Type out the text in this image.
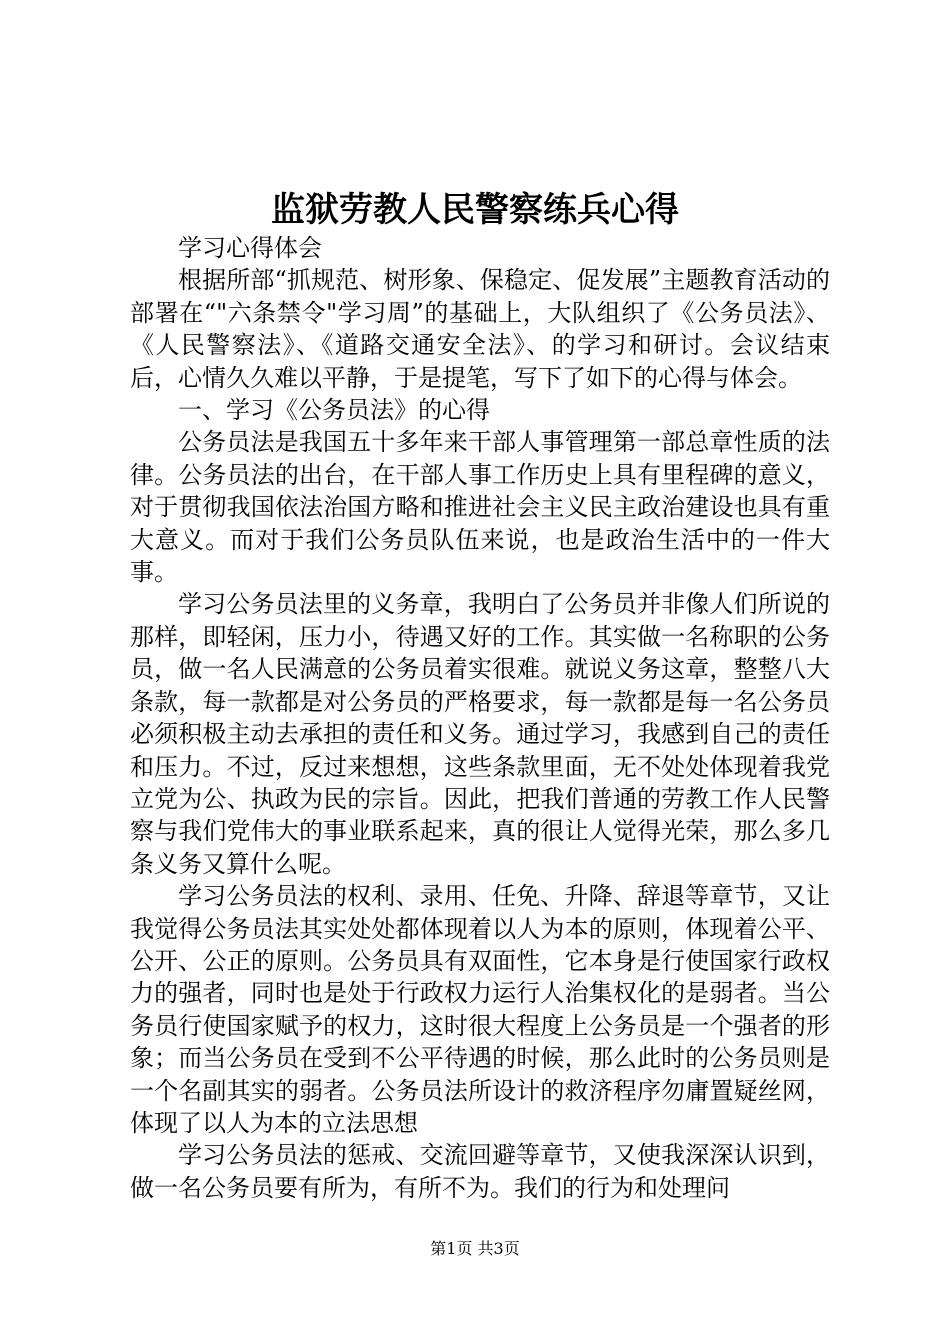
监狱劳教人民警察练兵心得

学习心得体会

根据所部“抓规范、树形象、保稳定、促发展”主题教育活动的部署在“"六条禁令"学习周”的基础上，大队组织了《公务员法》、《人民警察法》、《道路交通安全法》、的学习和研讨。会议结束后，心情久久难以平静，于是提笔，写下了如下的心得与体会。

一、学习《公务员法》的心得

公务员法是我国五十多年来干部人事管理第一部总章性质的法律。公务员法的出台，在干部人事工作历史上具有里程碑的意义，对于贯彻我国依法治国方略和推进社会主义民主政治建设也具有重大意义。而对于我们公务员队伍来说，也是政治生活中的一件大事。

学习公务员法里的义务章，我明白了公务员并非像人们所说的那样，即轻闲，压力小，待遇又好的工作。其实做一名称职的公务员，做一名人民满意的公务员着实很难。就说义务这章，整整八大条款，每一款都是对公务员的严格要求，每一款都是每一名公务员必须积极主动去承担的责任和义务。通过学习，我感到自己的责任和压力。不过，反过来想想，这些条款里面，无不处处体现着我党立党为公、执政为民的宗旨。因此，把我们普通的劳教工作人民警察与我们党伟大的事业联系起来，真的很让人觉得光荣，那么多几条义务又算什么呢。

学习公务员法的权利、录用、任免、升降、辞退等章节，又让我觉得公务员法其实处处都体现着以人为本的原则，体现着公平、公开、公正的原则。公务员具有双面性，它本身是行使国家行政权力的强者，同时也是处于行政权力运行人治集权化的是弱者。当公务员行使国家赋予的权力，这时很大程度上公务员是一个强者的形象；而当公务员在受到不公平待遇的时候，那么此时的公务员则是一个名副其实的弱者。公务员法所设计的救济程序勿庸置疑丝网，体现了以人为本的立法思想

学习公务员法的惩戒、交流回避等章节，又使我深深认识到，做一名公务员要有所为，有所不为。我们的行为和处理问

第1页 共3页
